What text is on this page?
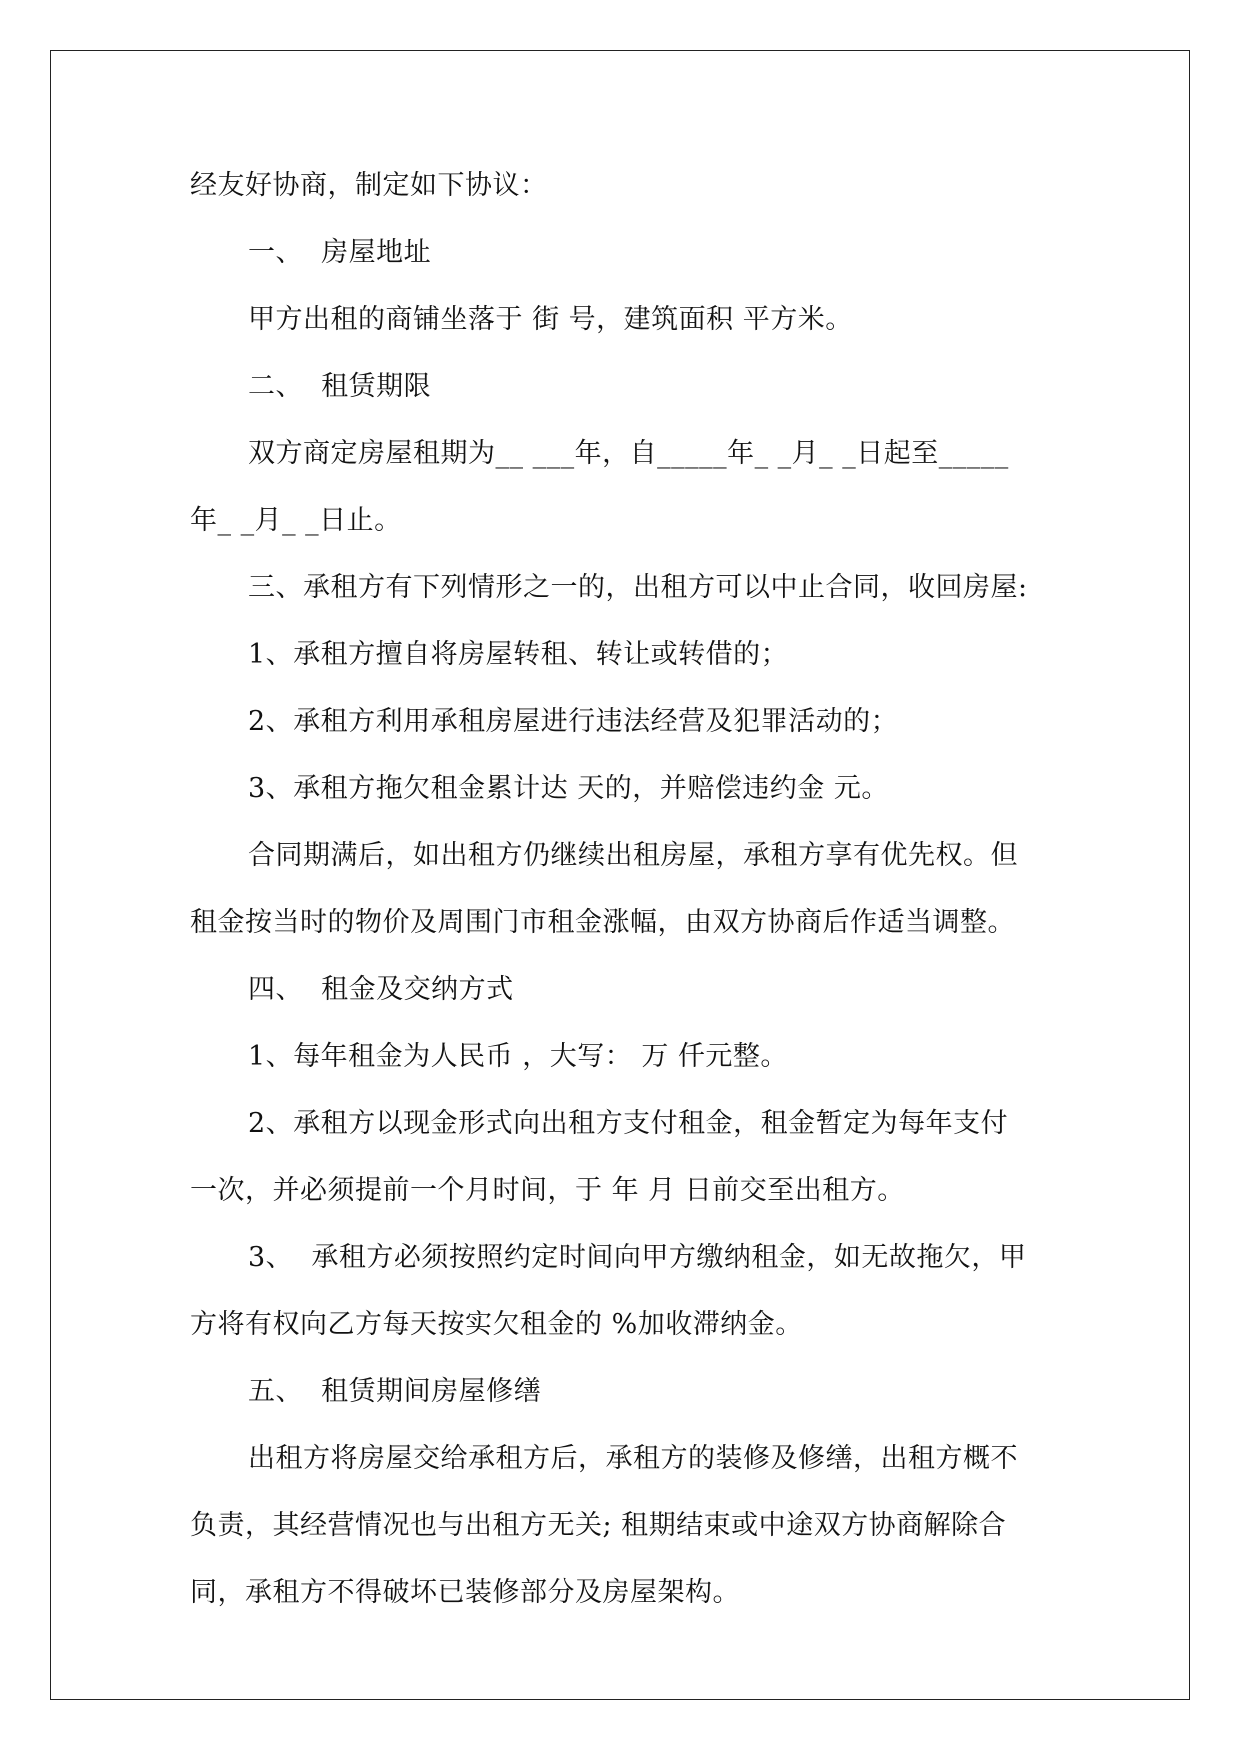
经友好协商，制定如下协议：
一、  房屋地址
甲方出租的商铺坐落于 街 号，建筑面积 平方米。
二、  租赁期限
双方商定房屋租期为__ ___年，自_____年_ _月_ _日起至_____
年_ _月_ _日止。
三、承租方有下列情形之一的，出租方可以中止合同，收回房屋:
1、承租方擅自将房屋转租、转让或转借的；
2、承租方利用承租房屋进行违法经营及犯罪活动的；
3、承租方拖欠租金累计达 天的，并赔偿违约金 元。
合同期满后，如出租方仍继续出租房屋，承租方享有优先权。但
租金按当时的物价及周围门市租金涨幅，由双方协商后作适当调整。
四、  租金及交纳方式
1、每年租金为人民币 ，大写： 万 仟元整。
2、承租方以现金形式向出租方支付租金，租金暂定为每年支付
一次，并必须提前一个月时间，于 年 月 日前交至出租方。
3、  承租方必须按照约定时间向甲方缴纳租金，如无故拖欠，甲
方将有权向乙方每天按实欠租金的 %加收滞纳金。
五、  租赁期间房屋修缮
出租方将房屋交给承租方后，承租方的装修及修缮，出租方概不
负责，其经营情况也与出租方无关; 租期结束或中途双方协商解除合
同，承租方不得破坏已装修部分及房屋架构。
